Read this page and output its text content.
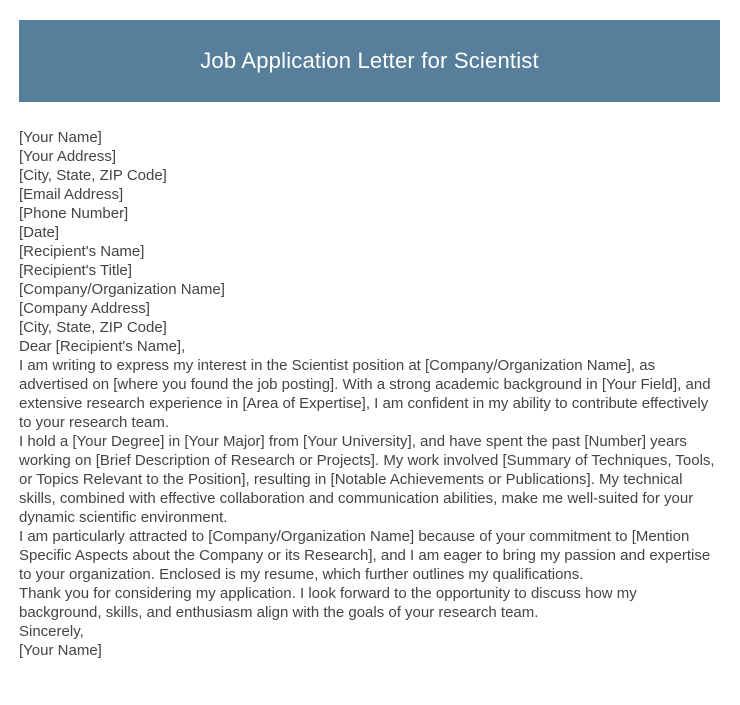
Job Application Letter for Scientist
[Your Name]
[Your Address]
[City, State, ZIP Code]
[Email Address]
[Phone Number]
[Date]
[Recipient's Name]
[Recipient's Title]
[Company/Organization Name]
[Company Address]
[City, State, ZIP Code]
Dear [Recipient's Name],

I am writing to express my interest in the Scientist position at [Company/Organization Name], as advertised on [where you found the job posting]. With a strong academic background in [Your Field], and extensive research experience in [Area of Expertise], I am confident in my ability to contribute effectively to your research team.

I hold a [Your Degree] in [Your Major] from [Your University], and have spent the past [Number] years working on [Brief Description of Research or Projects]. My work involved [Summary of Techniques, Tools, or Topics Relevant to the Position], resulting in [Notable Achievements or Publications]. My technical skills, combined with effective collaboration and communication abilities, make me well-suited for your dynamic scientific environment.

I am particularly attracted to [Company/Organization Name] because of your commitment to [Mention Specific Aspects about the Company or its Research], and I am eager to bring my passion and expertise to your organization. Enclosed is my resume, which further outlines my qualifications.

Thank you for considering my application. I look forward to the opportunity to discuss how my background, skills, and enthusiasm align with the goals of your research team.

Sincerely,
[Your Name]
